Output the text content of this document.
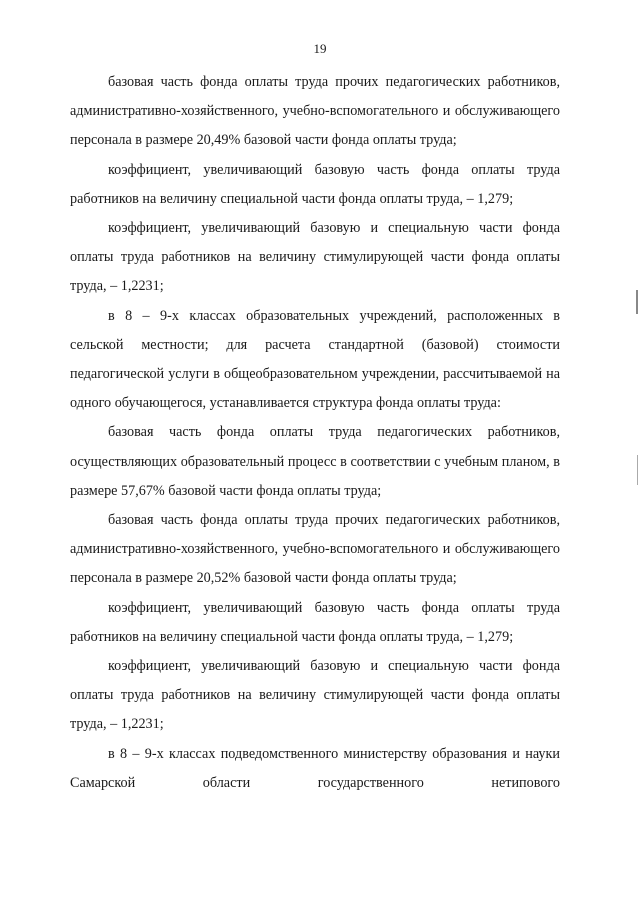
19

базовая часть фонда оплаты труда прочих педагогических работников, административно-хозяйственного, учебно-вспомогательного и обслуживающего персонала в размере 20,49% базовой части фонда оплаты труда;

коэффициент, увеличивающий базовую часть фонда оплаты труда работников на величину специальной части фонда оплаты труда, – 1,279;

коэффициент, увеличивающий базовую и специальную части фонда оплаты труда работников на величину стимулирующей части фонда оплаты труда, – 1,2231;

в 8 – 9-х классах образовательных учреждений, расположенных в сельской местности; для расчета стандартной (базовой) стоимости педагогической услуги в общеобразовательном учреждении, рассчитываемой на одного обучающегося, устанавливается структура фонда оплаты труда:

базовая часть фонда оплаты труда педагогических работников, осуществляющих образовательный процесс в соответствии с учебным планом, в размере 57,67% базовой части фонда оплаты труда;

базовая часть фонда оплаты труда прочих педагогических работников, административно-хозяйственного, учебно-вспомогательного и обслуживающего персонала в размере 20,52% базовой части фонда оплаты труда;

коэффициент, увеличивающий базовую часть фонда оплаты труда работников на величину специальной части фонда оплаты труда, – 1,279;

коэффициент, увеличивающий базовую и специальную части фонда оплаты труда работников на величину стимулирующей части фонда оплаты труда, – 1,2231;

в 8 – 9-х классах подведомственного министерству образования и науки Самарской области государственного нетипового
